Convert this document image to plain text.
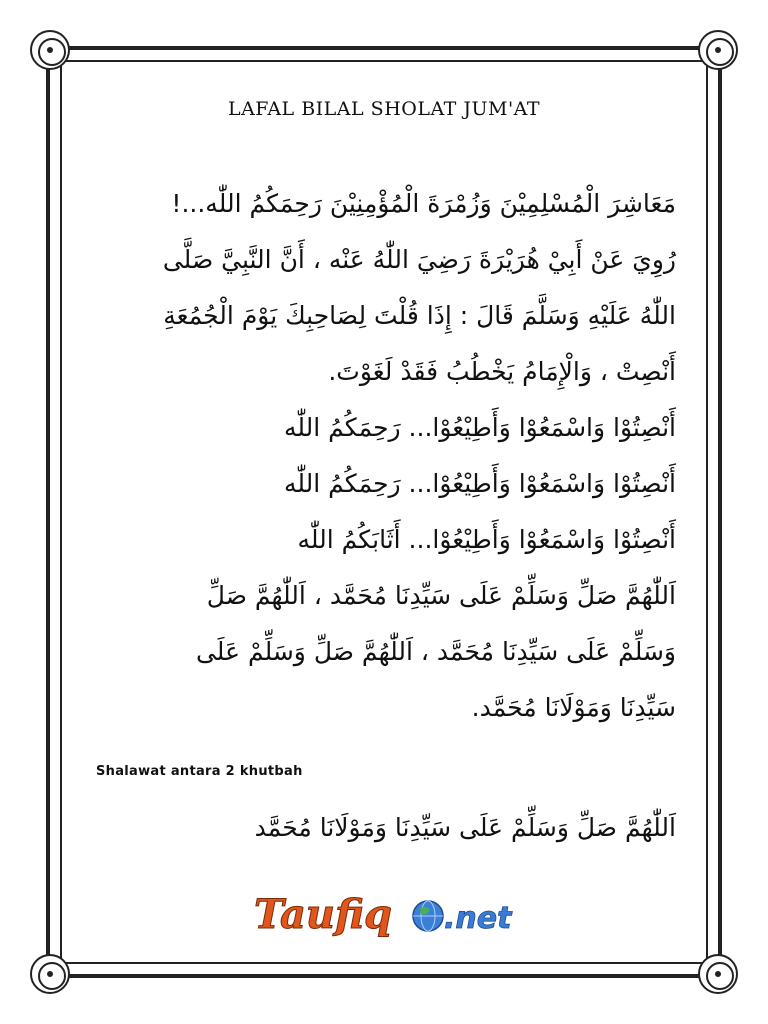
LAFAL BILAL SHOLAT JUM'AT
مَعَاشِرَ الْمُسْلِمِيْنَ وَزُمْرَةَ الْمُؤْمِنِيْنَ رَحِمَكُمُ اللّٰه...!
رُوِيَ عَنْ أَبِيْ هُرَيْرَةَ رَضِيَ اللّٰهُ عَنْه ، أَنَّ النَّبِيَّ صَلَّى
اللّٰهُ عَلَيْهِ وَسَلَّمَ قَالَ : إِذَا قُلْتَ لِصَاحِبِكَ يَوْمَ الْجُمُعَةِ
أَنْصِتْ ، وَالْإِمَامُ يَخْطُبُ فَقَدْ لَغَوْتَ.
أَنْصِتُوْا وَاسْمَعُوْا وَأَطِيْعُوْا... رَحِمَكُمُ اللّٰه
أَنْصِتُوْا وَاسْمَعُوْا وَأَطِيْعُوْا... رَحِمَكُمُ اللّٰه
أَنْصِتُوْا وَاسْمَعُوْا وَأَطِيْعُوْا... أَثَابَكُمُ اللّٰه
اَللّٰهُمَّ صَلِّ وَسَلِّمْ عَلَى سَيِّدِنَا مُحَمَّد ، اَللّٰهُمَّ صَلِّ
وَسَلِّمْ عَلَى سَيِّدِنَا مُحَمَّد ، اَللّٰهُمَّ صَلِّ وَسَلِّمْ عَلَى
سَيِّدِنَا وَمَوْلَانَا مُحَمَّد.
Shalawat antara 2 khutbah
اَللّٰهُمَّ صَلِّ وَسَلِّمْ عَلَى سَيِّدِنَا وَمَوْلَانَا مُحَمَّد
Taufiq .net
